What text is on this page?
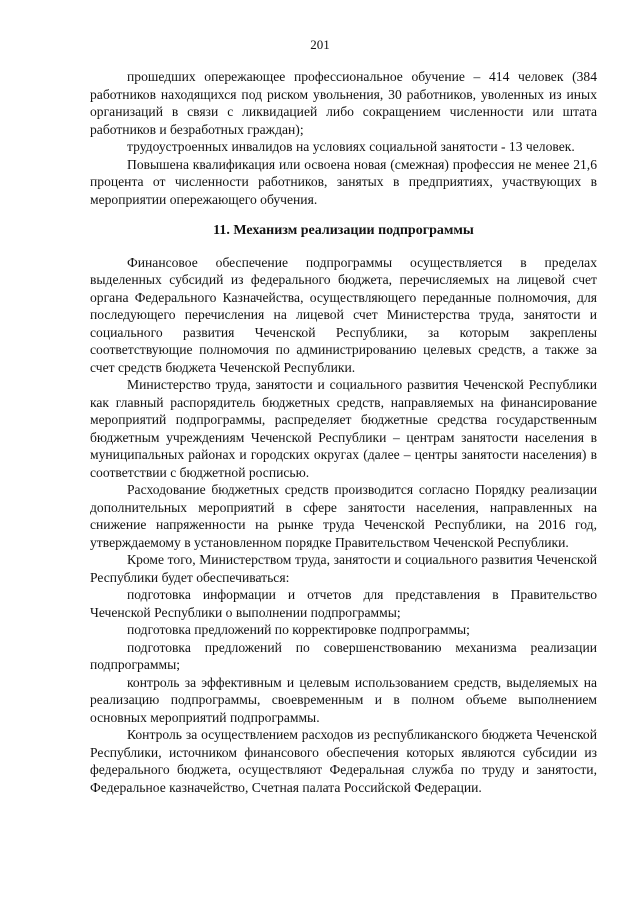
201

прошедших опережающее профессиональное обучение – 414 человек (384 работников находящихся под риском увольнения, 30 работников, уволенных из иных организаций в связи с ликвидацией либо сокращением численности или штата работников и безработных граждан);

трудоустроенных инвалидов на условиях социальной занятости - 13 человек.

Повышена квалификация или освоена новая (смежная) профессия не менее 21,6 процента от численности работников, занятых в предприятиях, участвующих в мероприятии опережающего обучения.

11. Механизм реализации подпрограммы

Финансовое обеспечение подпрограммы осуществляется в пределах выделенных субсидий из федерального бюджета, перечисляемых на лицевой счет органа Федерального Казначейства, осуществляющего переданные полномочия, для последующего перечисления на лицевой счет Министерства труда, занятости и социального развития Чеченской Республики, за которым закреплены соответствующие полномочия по администрированию целевых средств, а также за счет средств бюджета Чеченской Республики.

Министерство труда, занятости и социального развития Чеченской Республики как главный распорядитель бюджетных средств, направляемых на финансирование мероприятий подпрограммы, распределяет бюджетные средства государственным бюджетным учреждениям Чеченской Республики – центрам занятости населения в муниципальных районах и городских округах (далее – центры занятости населения) в соответствии с бюджетной росписью.

Расходование бюджетных средств производится согласно Порядку реализации дополнительных мероприятий в сфере занятости населения, направленных на снижение напряженности на рынке труда Чеченской Республики, на 2016 год, утверждаемому в установленном порядке Правительством Чеченской Республики.

Кроме того, Министерством труда, занятости и социального развития Чеченской Республики будет обеспечиваться:

подготовка информации и отчетов для представления в Правительство Чеченской Республики о выполнении подпрограммы;

подготовка предложений по корректировке подпрограммы;

подготовка предложений по совершенствованию механизма реализации подпрограммы;

контроль за эффективным и целевым использованием средств, выделяемых на реализацию подпрограммы, своевременным и в полном объеме выполнением основных мероприятий подпрограммы.

Контроль за осуществлением расходов из республиканского бюджета Чеченской Республики, источником финансового обеспечения которых являются субсидии из федерального бюджета, осуществляют Федеральная служба по труду и занятости, Федеральное казначейство, Счетная палата Российской Федерации.
